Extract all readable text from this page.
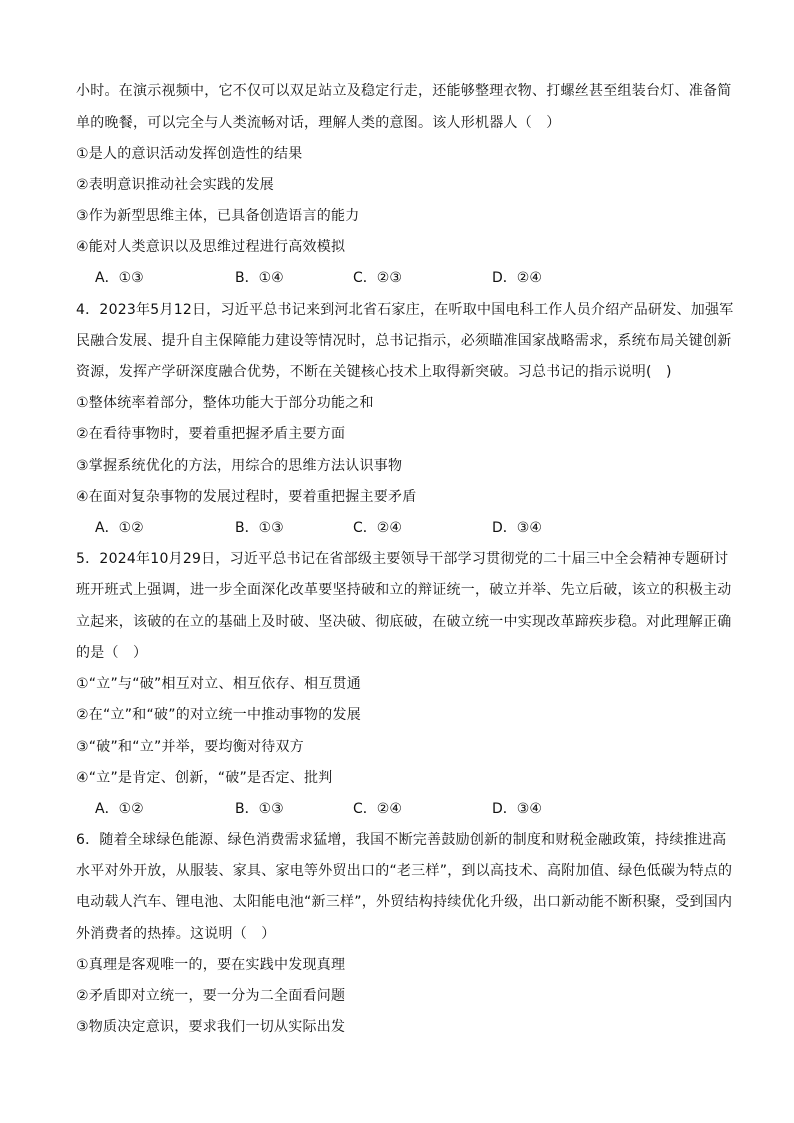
小时。在演示视频中，它不仅可以双足站立及稳定行走，还能够整理衣物、打螺丝甚至组装台灯、准备简
单的晚餐，可以完全与人类流畅对话，理解人类的意图。该人形机器人（　）
①是人的意识活动发挥创造性的结果
②表明意识推动社会实践的发展
③作为新型思维主体，已具备创造语言的能力
④能对人类意识以及思维过程进行高效模拟
A．①③	B．①④	C．②③	D．②④
4．2023年5月12日，习近平总书记来到河北省石家庄，在听取中国电科工作人员介绍产品研发、加强军
民融合发展、提升自主保障能力建设等情况时，总书记指示，必须瞄准国家战略需求，系统布局关键创新
资源，发挥产学研深度融合优势，不断在关键核心技术上取得新突破。习总书记的指示说明(　)
①整体统率着部分，整体功能大于部分功能之和
②在看待事物时，要着重把握矛盾主要方面
③掌握系统优化的方法，用综合的思维方法认识事物
④在面对复杂事物的发展过程时，要着重把握主要矛盾
A．①②	B．①③	C．②④	D．③④
5．2024年10月29日，习近平总书记在省部级主要领导干部学习贯彻党的二十届三中全会精神专题研讨
班开班式上强调，进一步全面深化改革要坚持破和立的辩证统一，破立并举、先立后破，该立的积极主动
立起来，该破的在立的基础上及时破、坚决破、彻底破，在破立统一中实现改革蹄疾步稳。对此理解正确
的是（　）
①“立”与“破”相互对立、相互依存、相互贯通
②在“立”和“破”的对立统一中推动事物的发展
③“破”和“立”并举，要均衡对待双方
④“立”是肯定、创新，“破”是否定、批判
A．①②	B．①③	C．②④	D．③④
6．随着全球绿色能源、绿色消费需求猛增，我国不断完善鼓励创新的制度和财税金融政策，持续推进高
水平对外开放，从服装、家具、家电等外贸出口的“老三样”，到以高技术、高附加值、绿色低碳为特点的
电动载人汽车、锂电池、太阳能电池“新三样”，外贸结构持续优化升级，出口新动能不断积聚，受到国内
外消费者的热捧。这说明（　）
①真理是客观唯一的，要在实践中发现真理
②矛盾即对立统一，要一分为二全面看问题
③物质决定意识，要求我们一切从实际出发
